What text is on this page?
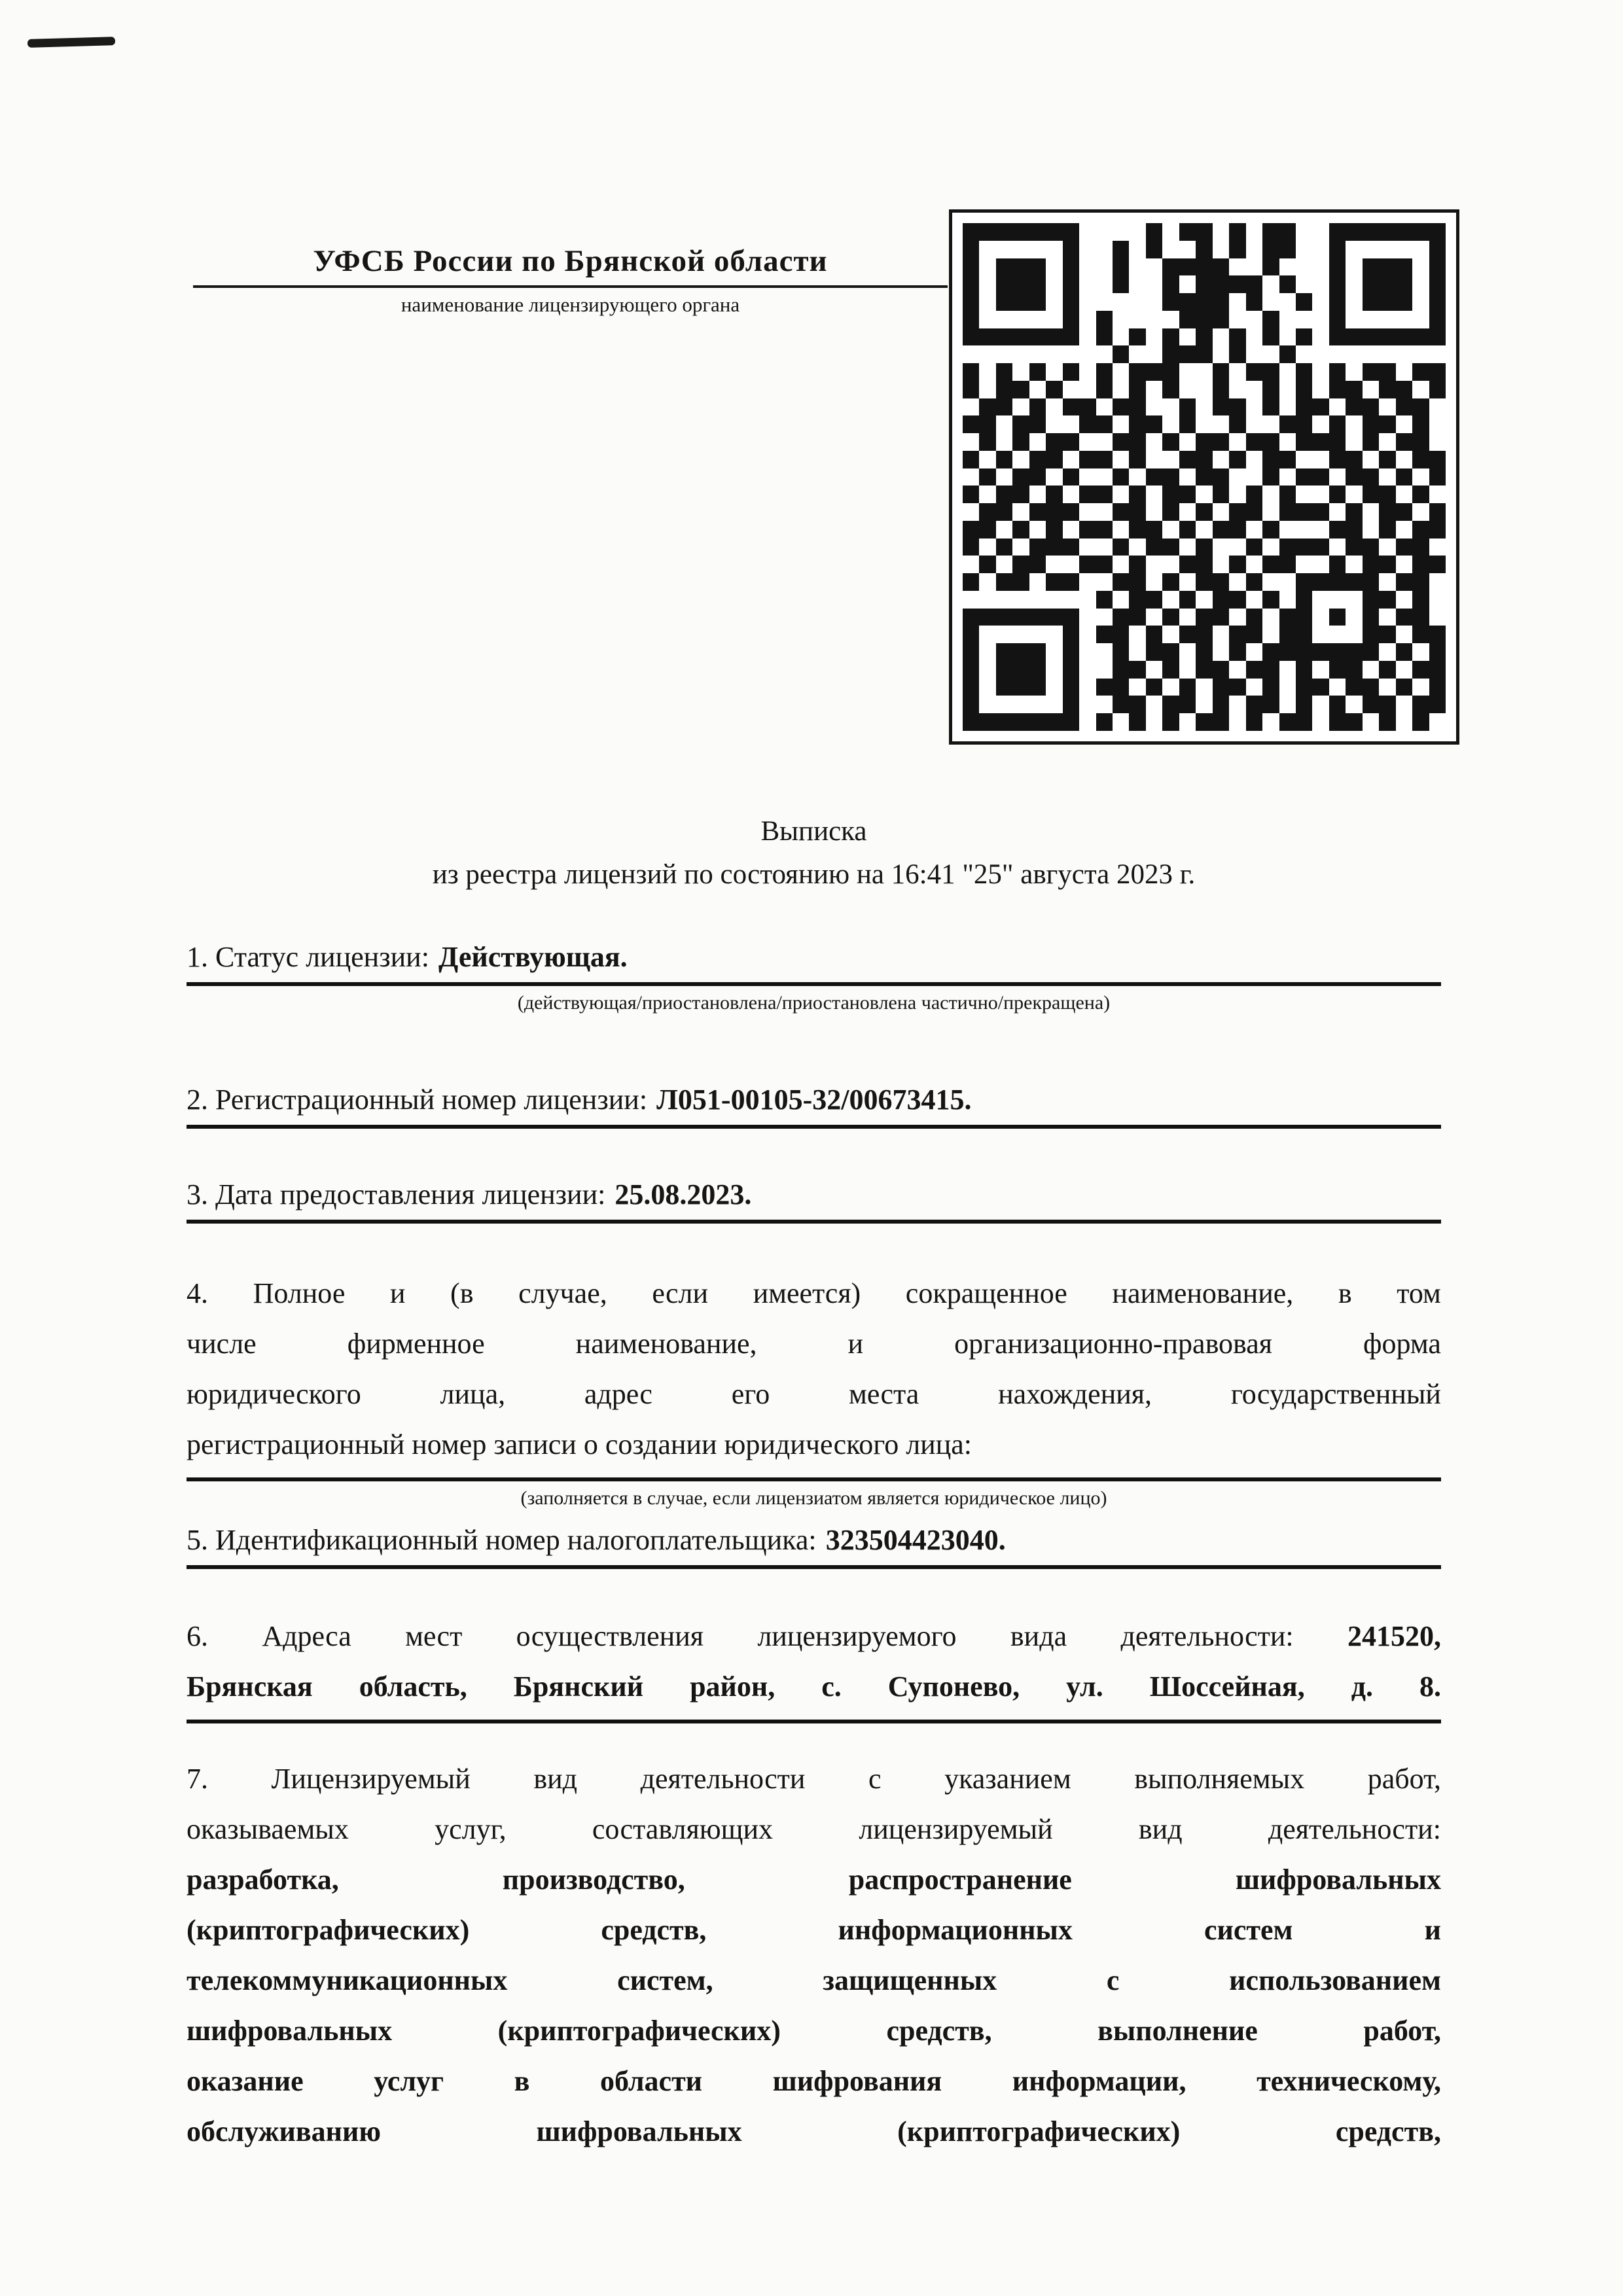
УФСБ России по Брянской области
наименование лицензирующего органа
Выписка
из реестра лицензий по состоянию на 16:41 "25" августа 2023 г.
1. Статус лицензии: Действующая.
(действующая/приостановлена/приостановлена частично/прекращена)
2. Регистрационный номер лицензии: Л051-00105-32/00673415.
3. Дата предоставления лицензии: 25.08.2023.
4. Полное и (в случае, если имеется) сокращенное наименование, в том
числе	фирменное	наименование,	и	организационно-правовая	форма
юридического	лица,	адрес	его	места	нахождения,	государственный
регистрационный номер записи о создании юридического лица:
(заполняется в случае, если лицензиатом является юридическое лицо)
5. Идентификационный номер налогоплательщика: 323504423040.
6. Адреса мест осуществления лицензируемого вида деятельности: 241520,
Брянская область, Брянский район, с. Супонево, ул. Шоссейная, д. 8.
7. Лицензируемый вид деятельности с указанием выполняемых работ,
оказываемых	услуг,	составляющих	лицензируемый	вид	деятельности:
разработка,	производство,	распространение	шифровальных
(криптографических)	средств,	информационных	систем	и
телекоммуникационных	систем,	защищенных	с	использованием
шифровальных	(криптографических)	средств,	выполнение	работ,
оказание услуг в области шифрования информации, техническому,
обслуживанию	шифровальных	(криптографических)	средств,
